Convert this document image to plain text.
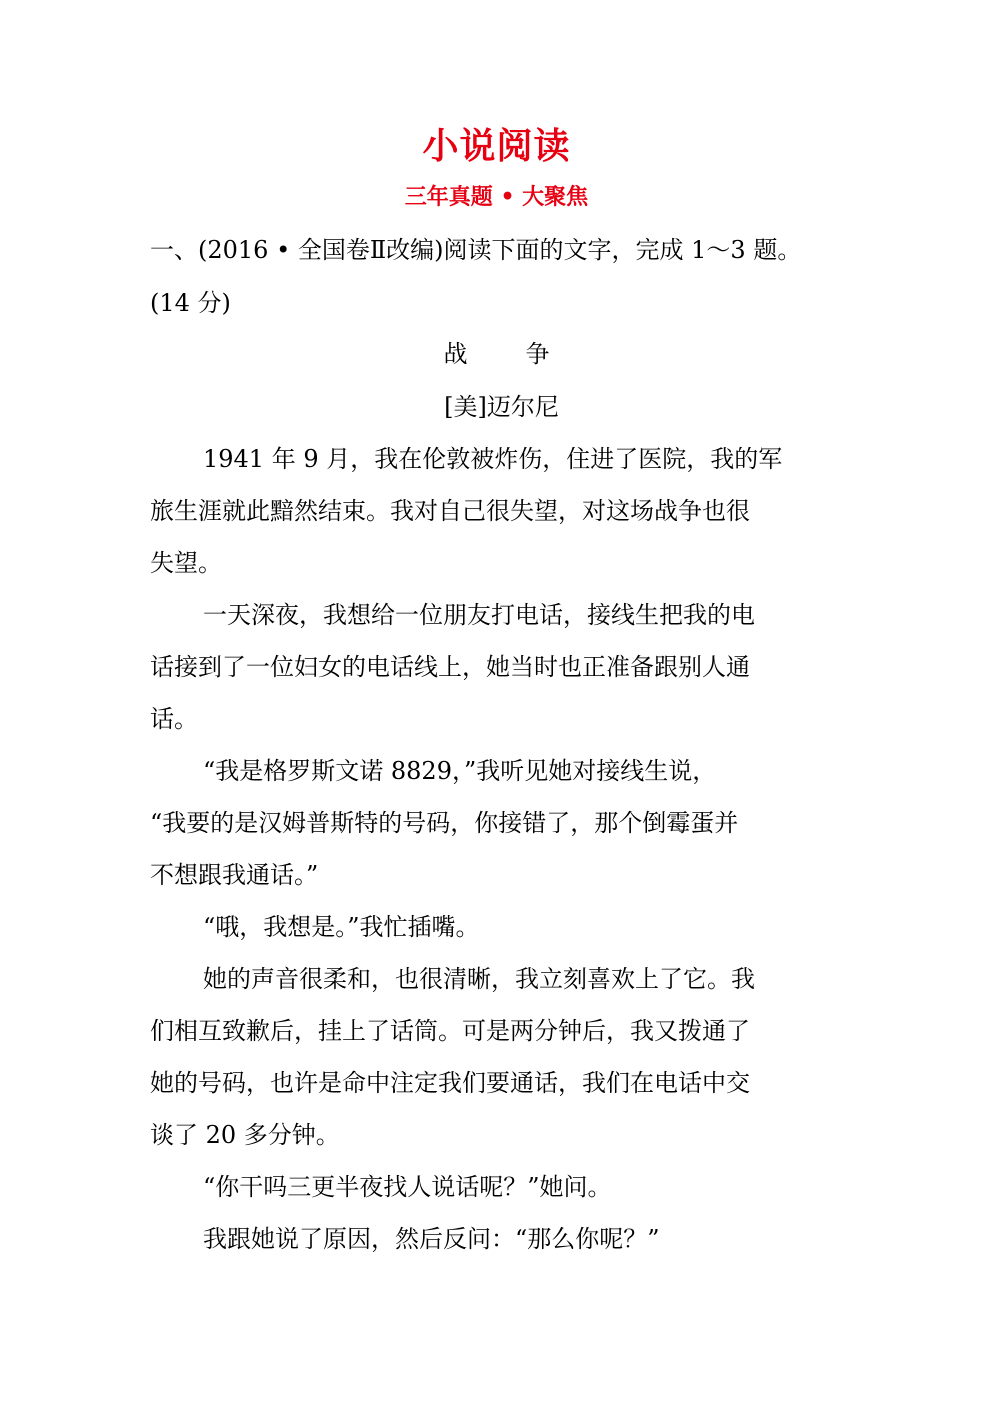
小说阅读
三年真题 • 大聚焦
一、(2016 • 全国卷Ⅱ改编)阅读下面的文字，完成 1～3 题。
(14 分)
战 争
[美]迈尔尼
1941 年 9 月，我在伦敦被炸伤，住进了医院，我的军
旅生涯就此黯然结束。我对自己很失望，对这场战争也很
失望。
一天深夜，我想给一位朋友打电话，接线生把我的电
话接到了一位妇女的电话线上，她当时也正准备跟别人通
话。
“我是格罗斯文诺 8829，”我听见她对接线生说，
“我要的是汉姆普斯特的号码，你接错了，那个倒霉蛋并
不想跟我通话。”
“哦，我想是。”我忙插嘴。
她的声音很柔和，也很清晰，我立刻喜欢上了它。我
们相互致歉后，挂上了话筒。可是两分钟后，我又拨通了
她的号码，也许是命中注定我们要通话，我们在电话中交
谈了 20 多分钟。
“你干吗三更半夜找人说话呢？”她问。
我跟她说了原因，然后反问：“那么你呢？”
